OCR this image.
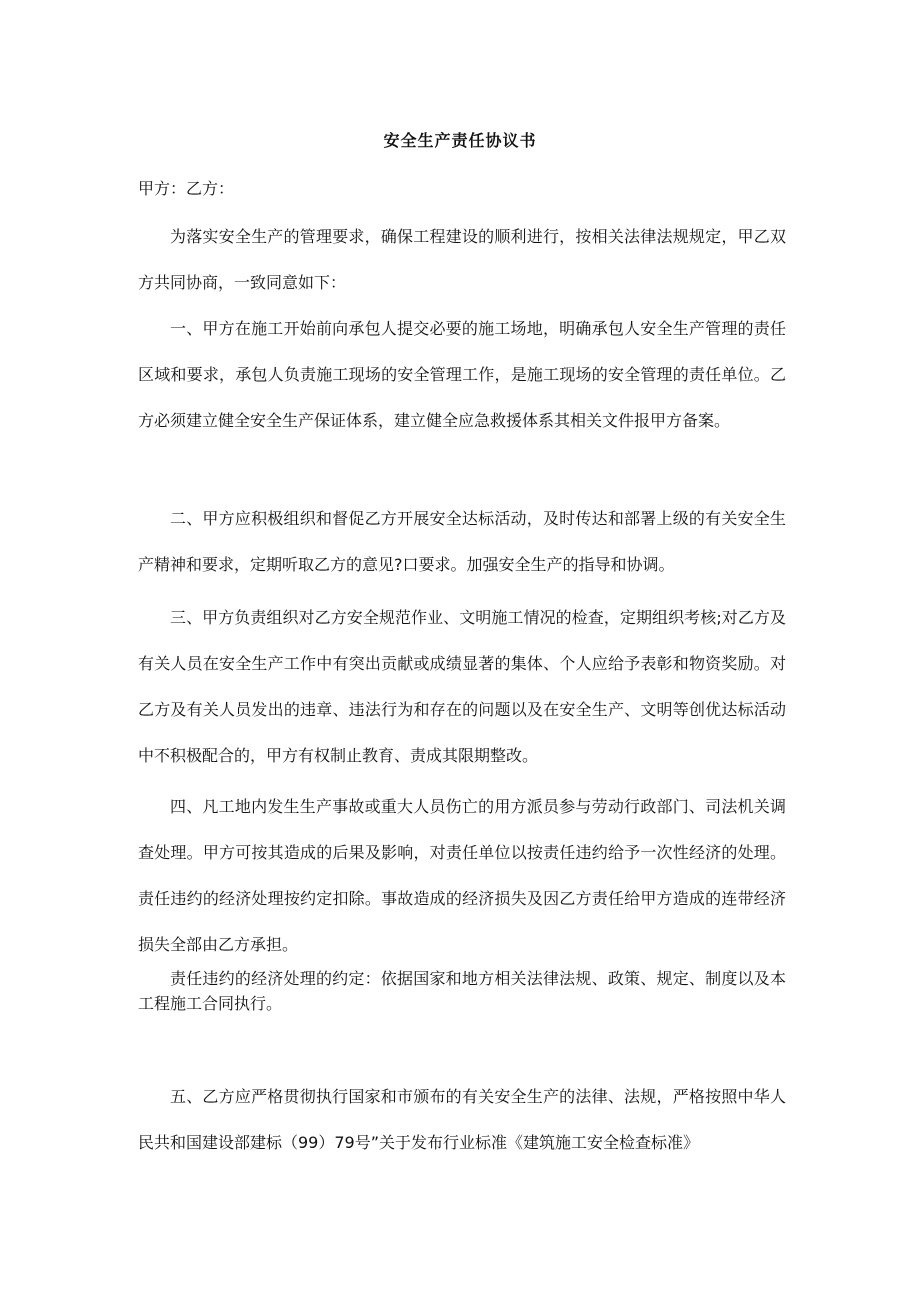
安全生产责任协议书
甲方：乙方：
为落实安全生产的管理要求，确保工程建设的顺利进行，按相关法律法规规定，甲乙双方共同协商，一致同意如下：
一、甲方在施工开始前向承包人提交必要的施工场地，明确承包人安全生产管理的责任区域和要求，承包人负责施工现场的安全管理工作，是施工现场的安全管理的责任单位。乙方必须建立健全安全生产保证体系，建立健全应急救援体系其相关文件报甲方备案。
二、甲方应积极组织和督促乙方开展安全达标活动，及时传达和部署上级的有关安全生产精神和要求，定期听取乙方的意见?口要求。加强安全生产的指导和协调。
三、甲方负责组织对乙方安全规范作业、文明施工情况的检查，定期组织考核;对乙方及有关人员在安全生产工作中有突出贡献或成绩显著的集体、个人应给予表彰和物资奖励。对乙方及有关人员发出的违章、违法行为和存在的问题以及在安全生产、文明等创优达标活动中不积极配合的，甲方有权制止教育、责成其限期整改。
四、凡工地内发生生产事故或重大人员伤亡的用方派员参与劳动行政部门、司法机关调查处理。甲方可按其造成的后果及影响，对责任单位以按责任违约给予一次性经济的处理。责任违约的经济处理按约定扣除。事故造成的经济损失及因乙方责任给甲方造成的连带经济损失全部由乙方承担。
责任违约的经济处理的约定：依据国家和地方相关法律法规、政策、规定、制度以及本工程施工合同执行。
五、乙方应严格贯彻执行国家和市颁布的有关安全生产的法律、法规，严格按照中华人民共和国建设部建标（99）79号”关于发布行业标准《建筑施工安全检查标准》
